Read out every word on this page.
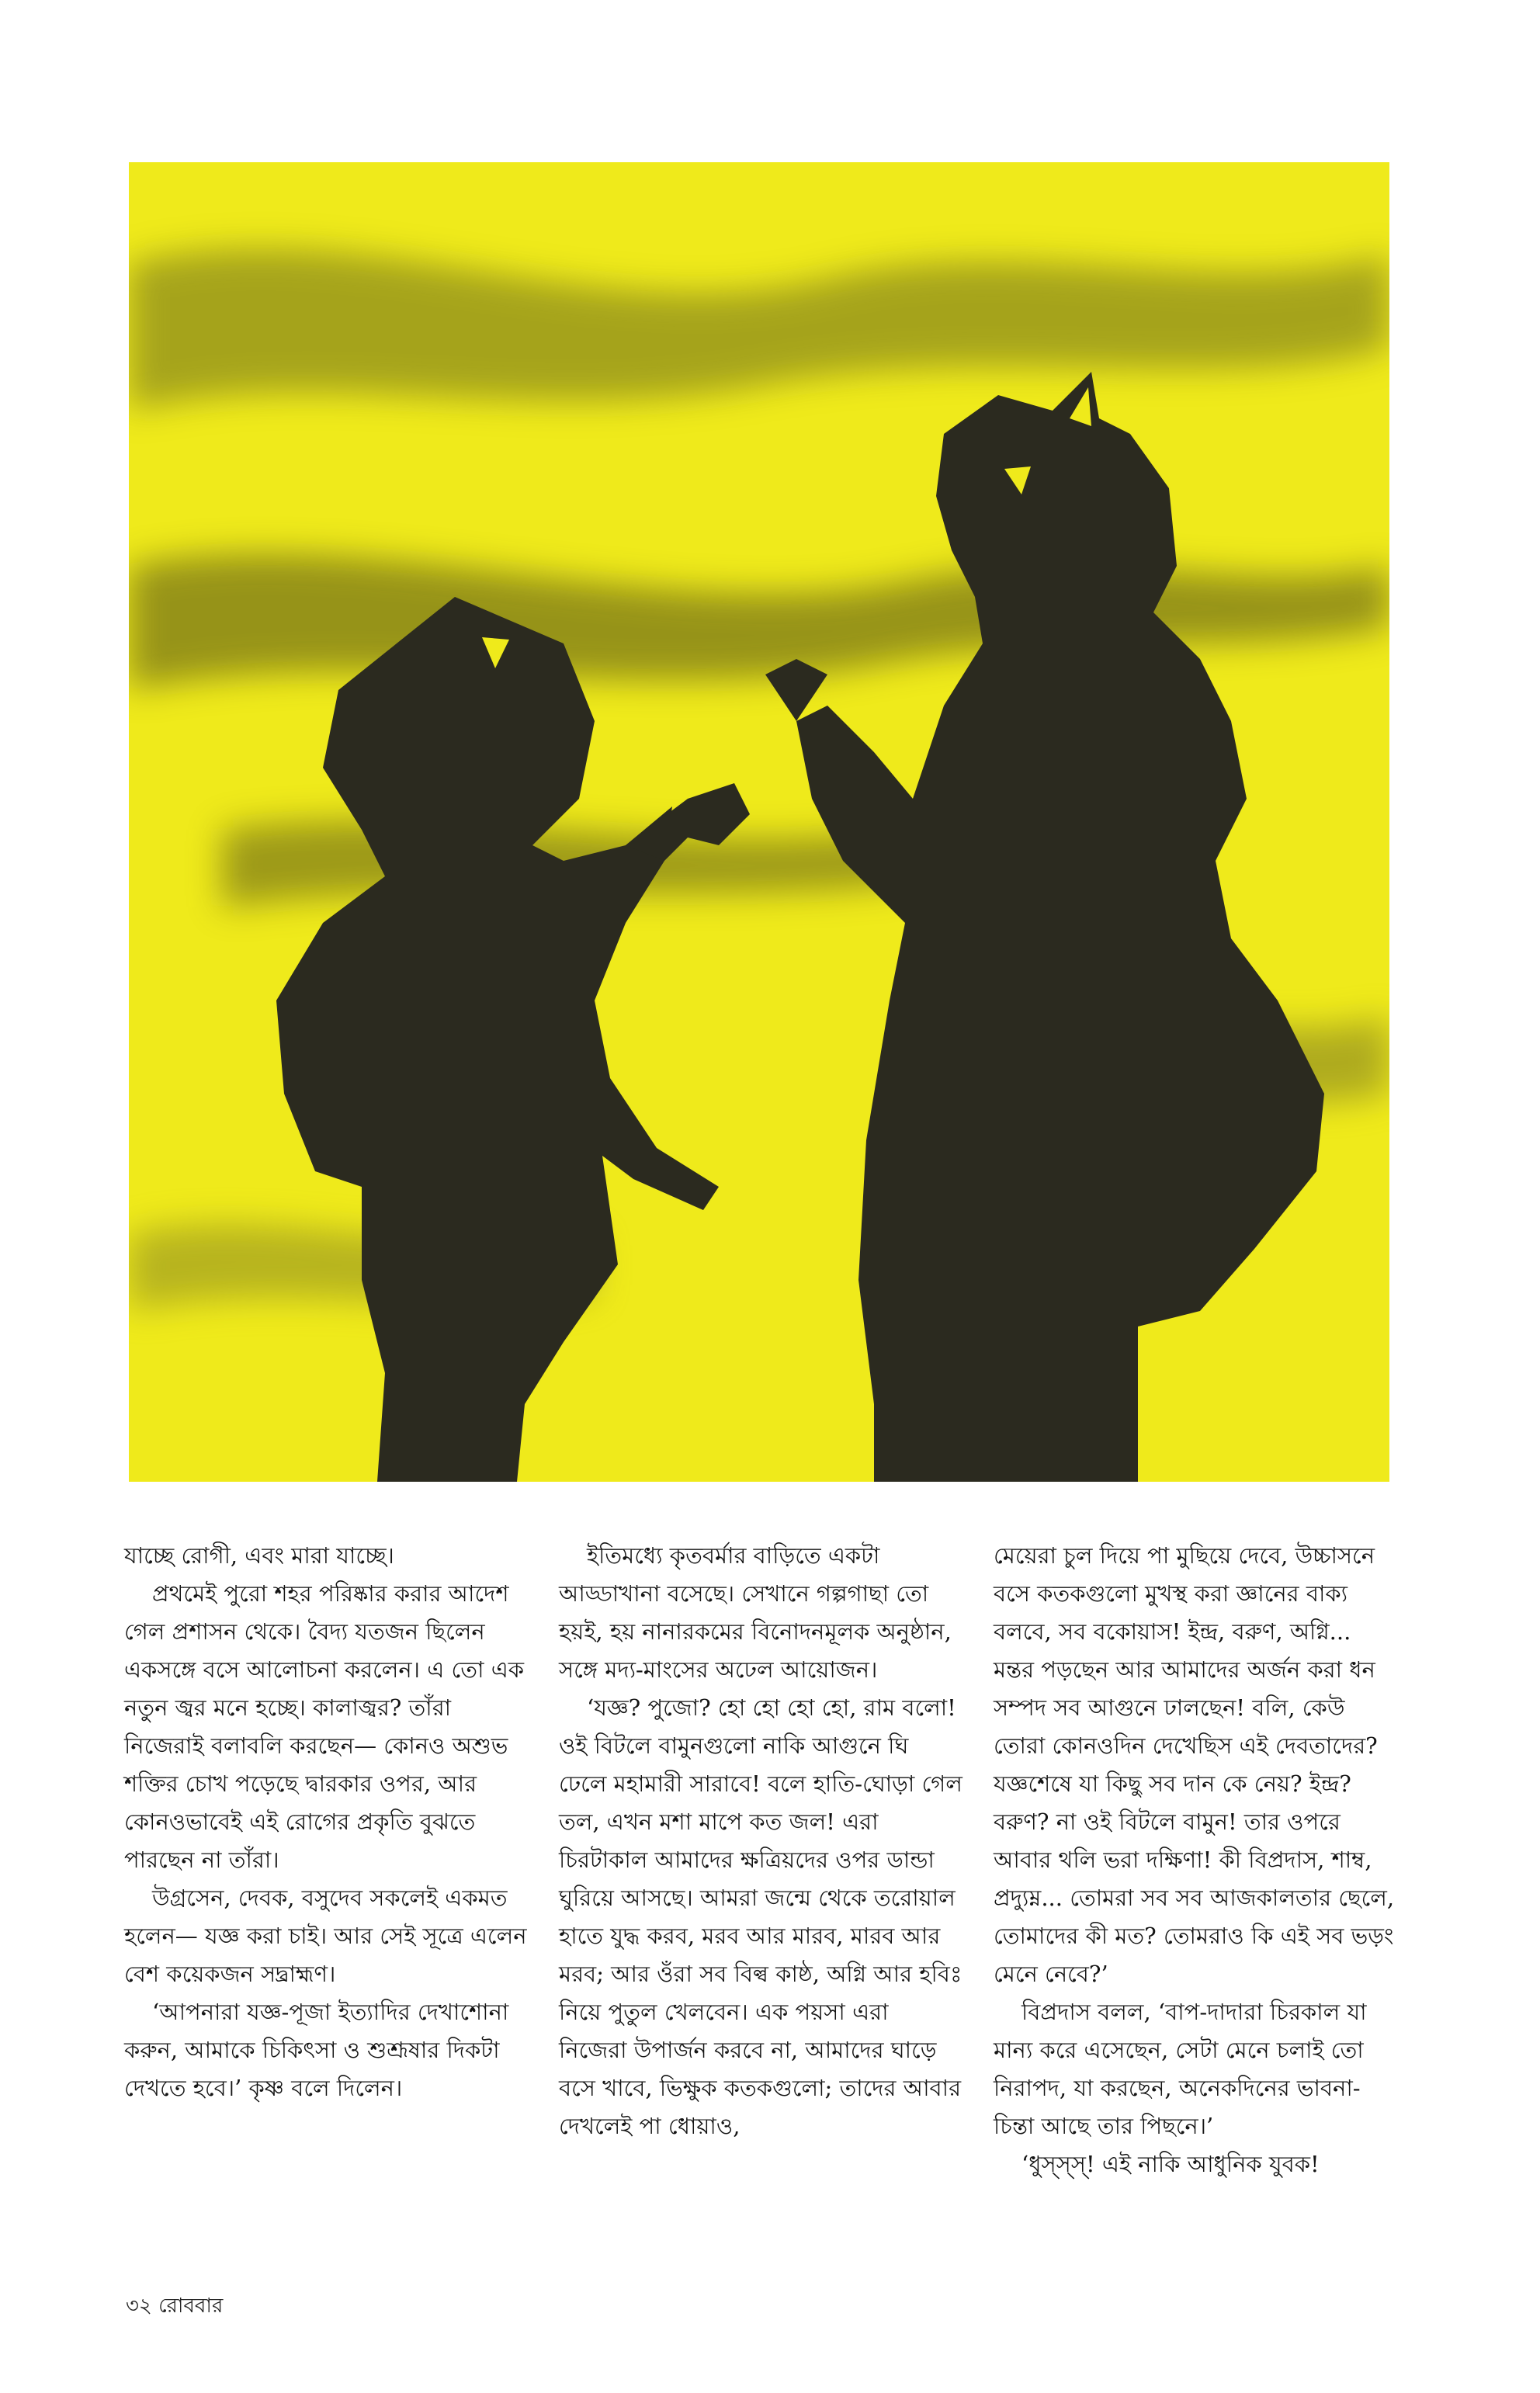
যাচ্ছে রোগী, এবং মারা যাচ্ছে।

প্রথমেই পুরো শহর পরিষ্কার করার আদেশ গেল প্রশাসন থেকে। বৈদ্য যতজন ছিলেন একসঙ্গে বসে আলোচনা করলেন। এ তো এক নতুন জ্বর মনে হচ্ছে। কালাজ্বর? তাঁরা নিজেরাই বলাবলি করছেন— কোনও অশুভ শক্তির চোখ পড়েছে দ্বারকার ওপর, আর কোনওভাবেই এই রোগের প্রকৃতি বুঝতে পারছেন না তাঁরা।

উগ্রসেন, দেবক, বসুদেব সকলেই একমত হলেন— যজ্ঞ করা চাই। আর সেই সূত্রে এলেন বেশ কয়েকজন সদ্ব্রাহ্মণ।

‘আপনারা যজ্ঞ-পূজা ইত্যাদির দেখাশোনা করুন, আমাকে চিকিৎসা ও শুশ্রূষার দিকটা দেখতে হবে।’ কৃষ্ণ বলে দিলেন।

ইতিমধ্যে কৃতবর্মার বাড়িতে একটা আড্ডাখানা বসেছে। সেখানে গল্পগাছা তো হয়ই, হয় নানারকমের বিনোদনমূলক অনুষ্ঠান, সঙ্গে মদ্য-মাংসের অঢেল আয়োজন।

‘যজ্ঞ? পুজো? হো হো হো হো, রাম বলো! ওই বিটলে বামুনগুলো নাকি আগুনে ঘি ঢেলে মহামারী সারাবে! বলে হাতি-ঘোড়া গেল তল, এখন মশা মাপে কত জল! এরা চিরটাকাল আমাদের ক্ষত্রিয়দের ওপর ডান্ডা ঘুরিয়ে আসছে। আমরা জন্মে থেকে তরোয়াল হাতে যুদ্ধ করব, মরব আর মারব, মারব আর মরব; আর ওঁরা সব বিল্ব কাষ্ঠ, অগ্নি আর হবিঃ নিয়ে পুতুল খেলবেন। এক পয়সা এরা নিজেরা উপার্জন করবে না, আমাদের ঘাড়ে বসে খাবে, ভিক্ষুক কতকগুলো; তাদের আবার দেখলেই পা ধোয়াও,

মেয়েরা চুল দিয়ে পা মুছিয়ে দেবে, উচ্চাসনে বসে কতকগুলো মুখস্থ করা জ্ঞানের বাক্য বলবে, সব বকোয়াস! ইন্দ্র, বরুণ, অগ্নি... মন্তর পড়ছেন আর আমাদের অর্জন করা ধন সম্পদ সব আগুনে ঢালছেন! বলি, কেউ তোরা কোনওদিন দেখেছিস এই দেবতাদের? যজ্ঞশেষে যা কিছু সব দান কে নেয়? ইন্দ্র? বরুণ? না ওই বিটলে বামুন! তার ওপরে আবার থলি ভরা দক্ষিণা! কী বিপ্রদাস, শাম্ব, প্রদ্যুম্ন... তোমরা সব সব আজকালতার ছেলে, তোমাদের কী মত? তোমরাও কি এই সব ভড়ং মেনে নেবে?’

বিপ্রদাস বলল, ‘বাপ-দাদারা চিরকাল যা মান্য করে এসেছেন, সেটা মেনে চলাই তো নিরাপদ, যা করছেন, অনেকদিনের ভাবনা-চিন্তা আছে তার পিছনে।’

‘ধুস্স্স্! এই নাকি আধুনিক যুবক!

৩২ রোববার
